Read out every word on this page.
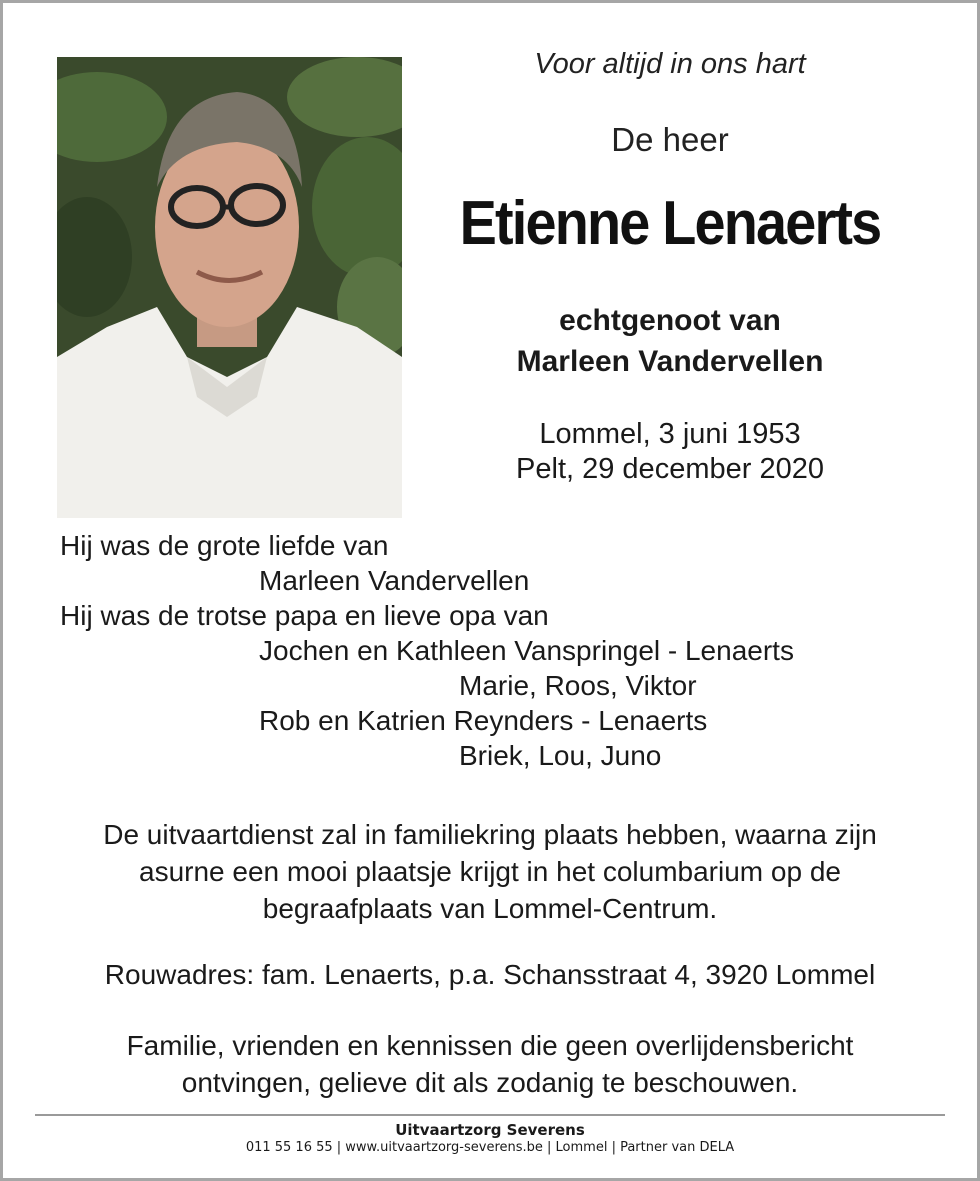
Voor altijd in ons hart
De heer
Etienne Lenaerts
echtgenoot van
Marleen Vandervellen
Lommel, 3 juni 1953
Pelt, 29 december 2020
Hij was de grote liefde van
Marleen Vandervellen
Hij was de trotse papa en lieve opa van
Jochen en Kathleen Vanspringel - Lenaerts
Marie, Roos, Viktor
Rob en Katrien Reynders - Lenaerts
Briek, Lou, Juno
De uitvaartdienst zal in familiekring plaats hebben, waarna zijn
asurne een mooi plaatsje krijgt in het columbarium op de
begraafplaats van Lommel-Centrum.
Rouwadres: fam. Lenaerts, p.a. Schansstraat 4, 3920 Lommel
Familie, vrienden en kennissen die geen overlijdensbericht
ontvingen, gelieve dit als zodanig te beschouwen.
Uitvaartzorg Severens
011 55 16 55 | www.uitvaartzorg-severens.be | Lommel | Partner van DELA
